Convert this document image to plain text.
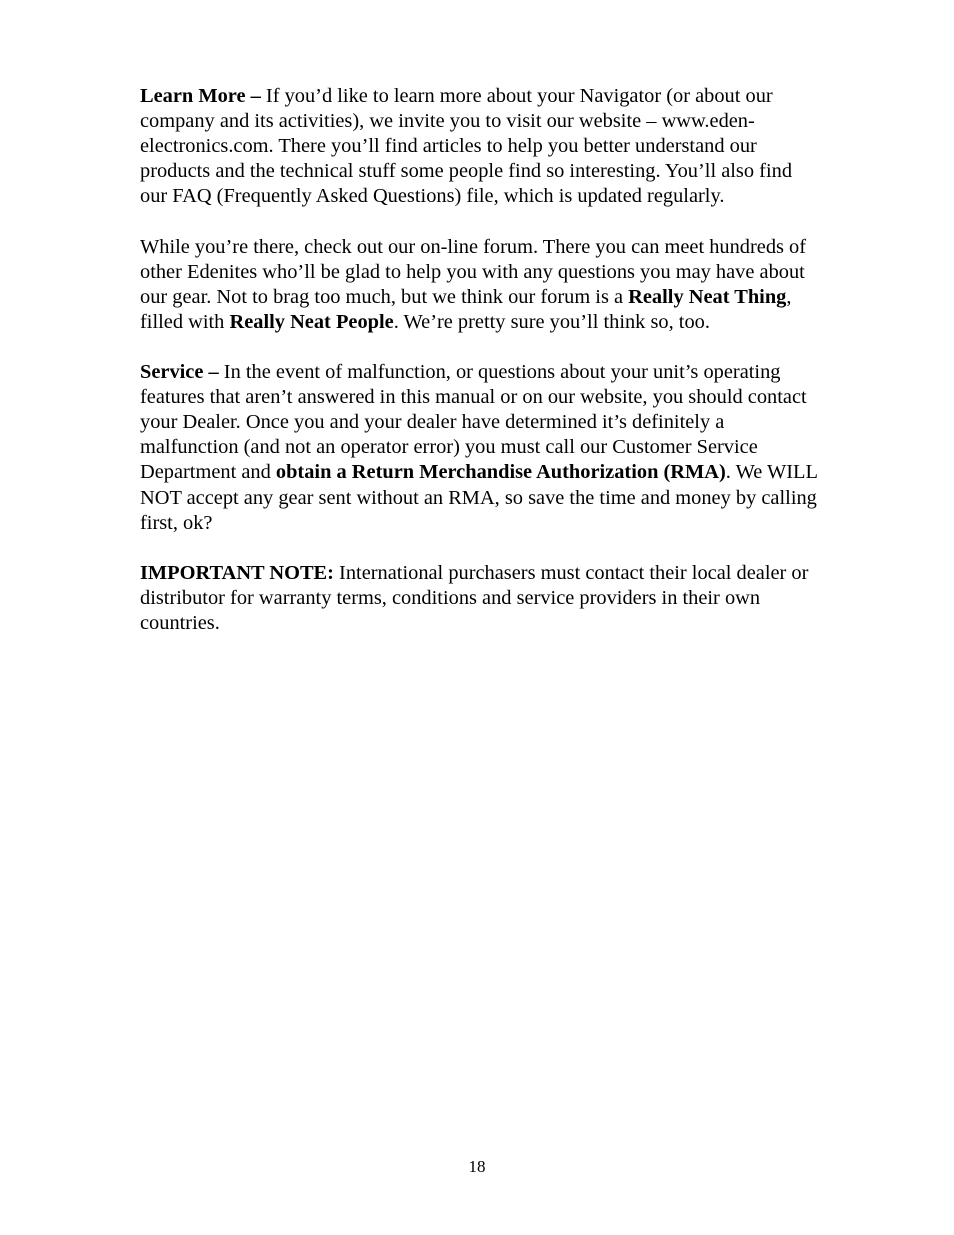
Learn More – If you’d like to learn more about your Navigator (or about our company and its activities), we invite you to visit our website – www.eden-electronics.com. There you’ll find articles to help you better understand our products and the technical stuff some people find so interesting. You’ll also find our FAQ (Frequently Asked Questions) file, which is updated regularly.

While you’re there, check out our on-line forum. There you can meet hundreds of other Edenites who’ll be glad to help you with any questions you may have about our gear. Not to brag too much, but we think our forum is a Really Neat Thing, filled with Really Neat People. We’re pretty sure you’ll think so, too.

Service – In the event of malfunction, or questions about your unit’s operating features that aren’t answered in this manual or on our website, you should contact your Dealer. Once you and your dealer have determined it’s definitely a malfunction (and not an operator error) you must call our Customer Service Department and obtain a Return Merchandise Authorization (RMA). We WILL NOT accept any gear sent without an RMA, so save the time and money by calling first, ok?

IMPORTANT NOTE: International purchasers must contact their local dealer or distributor for warranty terms, conditions and service providers in their own countries.

18
